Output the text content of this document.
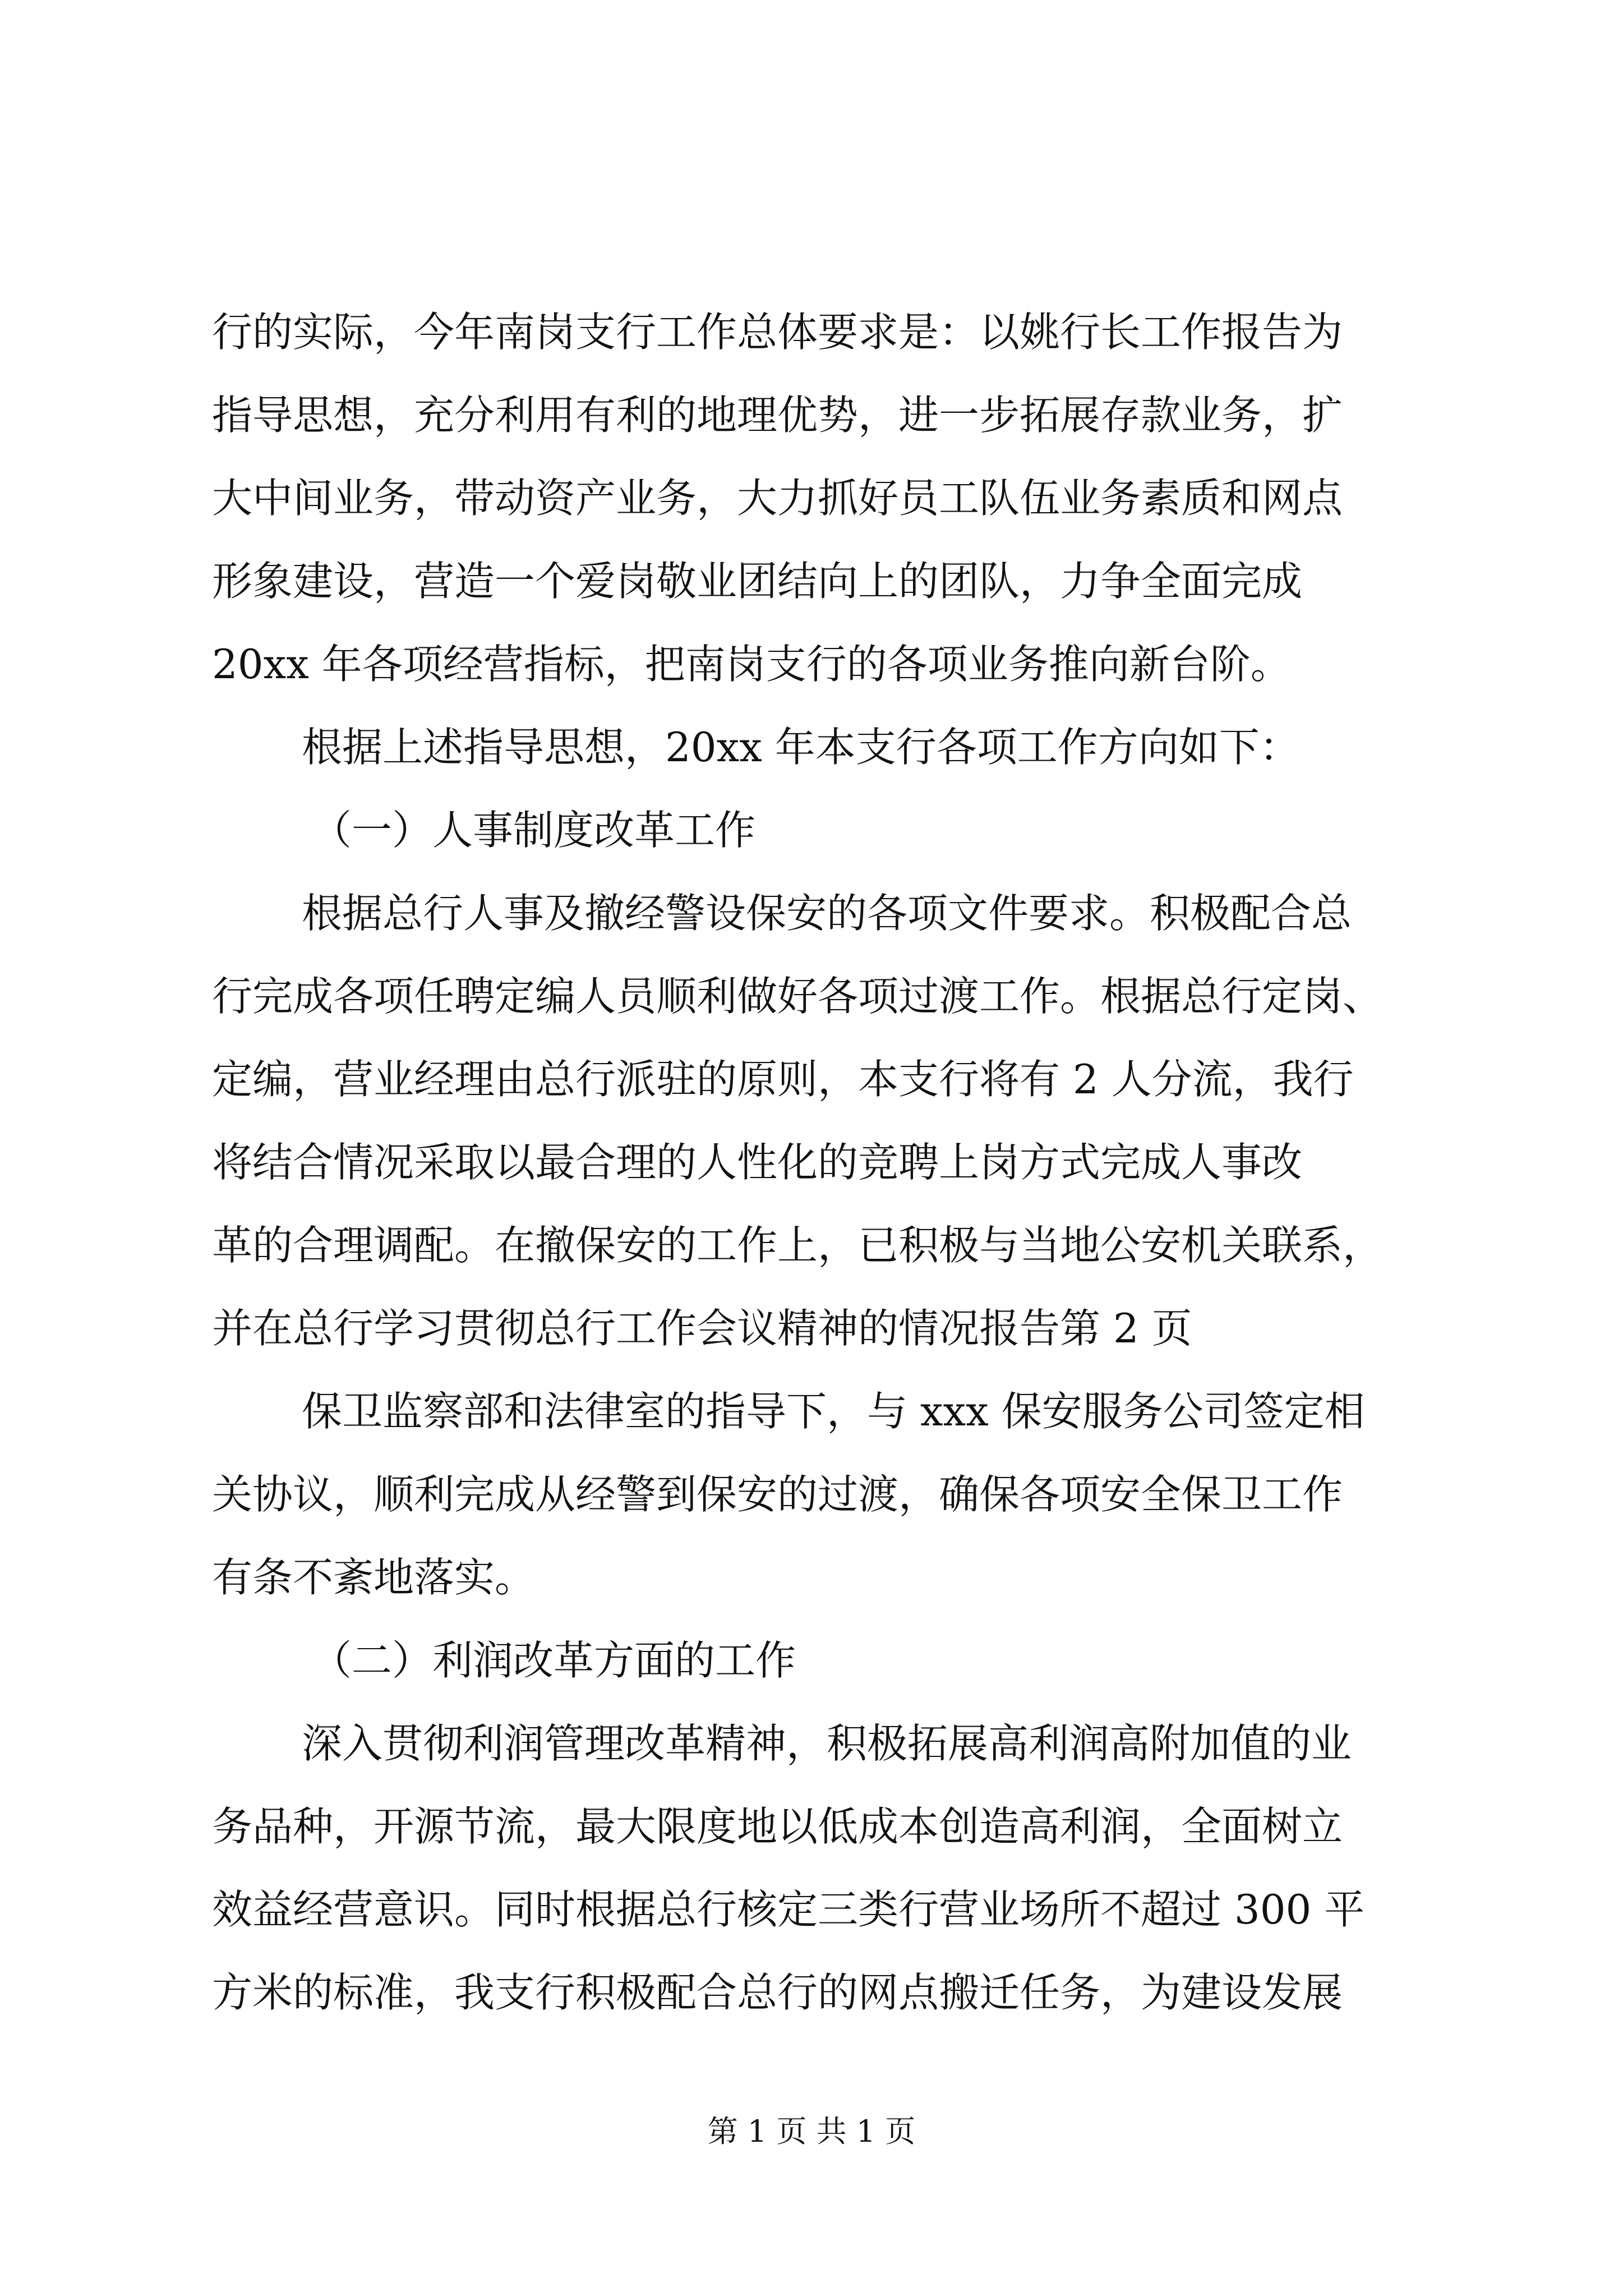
行的实际，今年南岗支行工作总体要求是：以姚行长工作报告为
指导思想，充分利用有利的地理优势，进一步拓展存款业务，扩
大中间业务，带动资产业务，大力抓好员工队伍业务素质和网点
形象建设，营造一个爱岗敬业团结向上的团队，力争全面完成
20xx 年各项经营指标，把南岗支行的各项业务推向新台阶。
根据上述指导思想，20xx 年本支行各项工作方向如下：
（一）人事制度改革工作
根据总行人事及撤经警设保安的各项文件要求。积极配合总
行完成各项任聘定编人员顺利做好各项过渡工作。根据总行定岗、
定编，营业经理由总行派驻的原则，本支行将有 2 人分流，我行
将结合情况采取以最合理的人性化的竞聘上岗方式完成人事改
革的合理调配。在撤保安的工作上，已积极与当地公安机关联系，
并在总行学习贯彻总行工作会议精神的情况报告第 2 页
保卫监察部和法律室的指导下，与 xxx 保安服务公司签定相
关协议，顺利完成从经警到保安的过渡，确保各项安全保卫工作
有条不紊地落实。
（二）利润改革方面的工作
深入贯彻利润管理改革精神，积极拓展高利润高附加值的业
务品种，开源节流，最大限度地以低成本创造高利润，全面树立
效益经营意识。同时根据总行核定三类行营业场所不超过 300 平
方米的标准，我支行积极配合总行的网点搬迁任务，为建设发展
第 1 页 共 1 页
